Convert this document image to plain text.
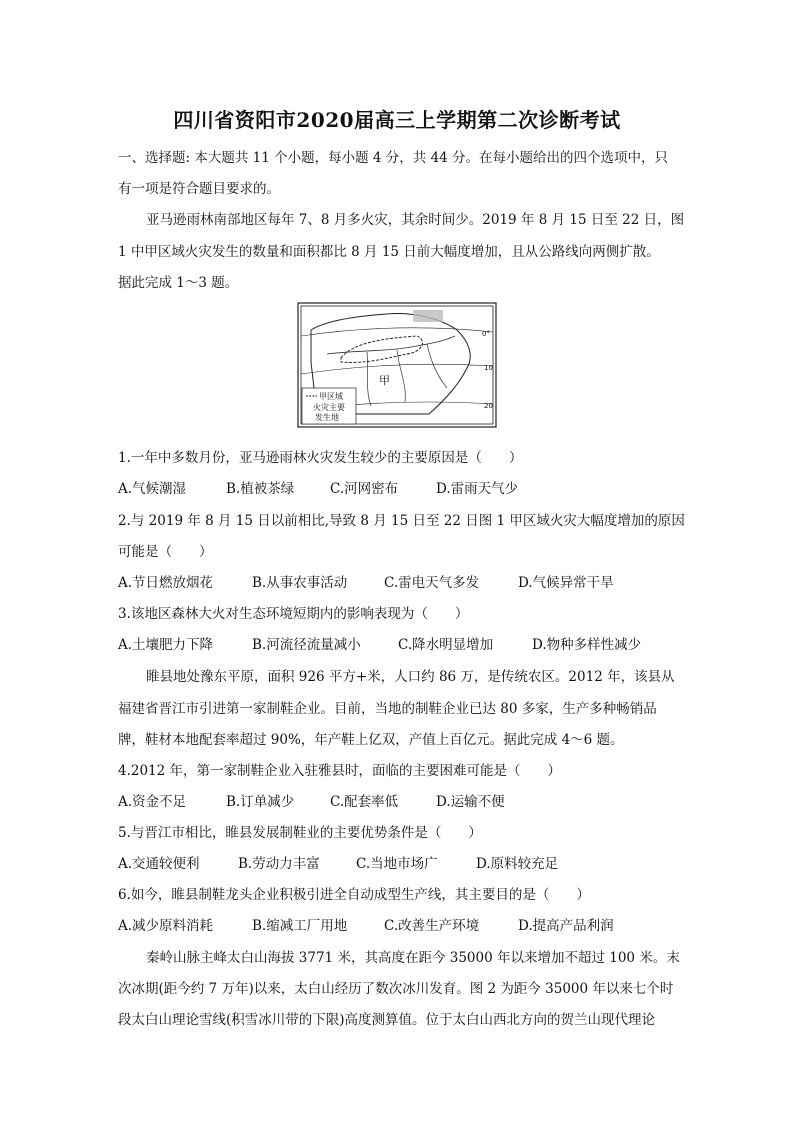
四川省资阳市2020届高三上学期第二次诊断考试
一、选择题: 本大题共 11 个小题，每小题 4 分，共 44 分。在每小题给出的四个选项中，只
有一项是符合题目要求的。
亚马逊雨林南部地区每年 7、8 月多火灾，其余时间少。2019 年 8 月 15 日至 22 日，图
1 中甲区域火灾发生的数量和面积都比 8 月 15 日前大幅度增加，且从公路线向两侧扩散。
据此完成 1～3 题。
甲
0°
10
20
甲区域
火灾主要
发生地
1.一年中多数月份，亚马逊雨林火灾发生较少的主要原因是（　　）
A.气候潮湿	B.植被茶绿	C.河网密布	D.雷雨天气少
2.与 2019 年 8 月 15 日以前相比,导致 8 月 15 日至 22 日图 1 甲区域火灾大幅度增加的原因
可能是（　　）
A.节日燃放烟花	B.从事农事活动	C.雷电天气多发	D.气候异常干旱
3.该地区森林大火对生态环境短期内的影响表现为（　　）
A.土壤肥力下降	B.河流径流量减小	C.降水明显增加	D.物种多样性减少
睢县地处豫东平原，面积 926 平方+米，人口约 86 万，是传统农区。2012 年，该县从
福建省晋江市引进第一家制鞋企业。目前，当地的制鞋企业已达 80 多家，生产多种畅销品
牌，鞋材本地配套率超过 90%，年产鞋上亿双，产值上百亿元。据此完成 4～6 题。
4.2012 年，第一家制鞋企业入驻雅县时，面临的主要困难可能是（　　）
A.资金不足	B.订单减少	C.配套率低	D.运输不便
5.与晋江市相比，睢县发展制鞋业的主要优势条件是（　　）
A.交通较便利	B.劳动力丰富	C.当地市场广	D.原料较充足
6.如今，睢县制鞋龙头企业积极引进全自动成型生产线，其主要目的是（　　）
A.减少原料消耗	B.缩减工厂用地	C.改善生产环境	D.提高产品利润
秦岭山脉主峰太白山海拔 3771 米，其高度在距今 35000 年以来增加不超过 100 米。末
次冰期(距今约 7 万年)以来，太白山经历了数次冰川发育。图 2 为距今 35000 年以来七个时
段太白山理论雪线(积雪冰川带的下限)高度测算值。位于太白山西北方向的贺兰山现代理论
